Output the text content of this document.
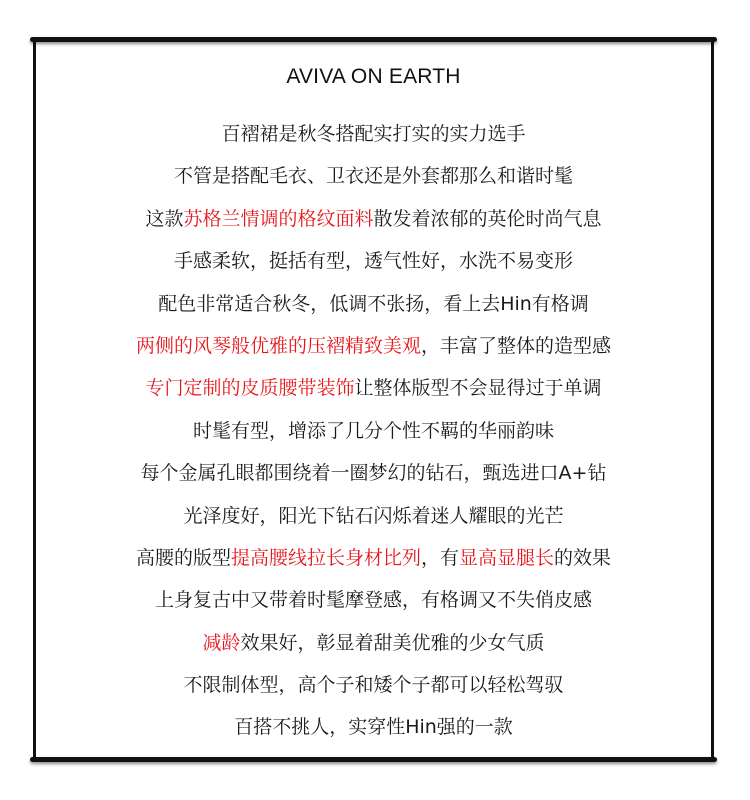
AVIVA ON EARTH
百褶裙是秋冬搭配实打实的实力选手
不管是搭配毛衣、卫衣还是外套都那么和谐时髦
这款苏格兰情调的格纹面料散发着浓郁的英伦时尚气息
手感柔软，挺括有型，透气性好，水洗不易变形
配色非常适合秋冬，低调不张扬，看上去Hin有格调
两侧的风琴般优雅的压褶精致美观，丰富了整体的造型感
专门定制的皮质腰带装饰让整体版型不会显得过于单调
时髦有型，增添了几分个性不羁的华丽韵味
每个金属孔眼都围绕着一圈梦幻的钻石，甄选进口A+钻
光泽度好，阳光下钻石闪烁着迷人耀眼的光芒
高腰的版型提高腰线拉长身材比列，有显高显腿长的效果
上身复古中又带着时髦摩登感，有格调又不失俏皮感
减龄效果好，彰显着甜美优雅的少女气质
不限制体型，高个子和矮个子都可以轻松驾驭
百搭不挑人，实穿性Hin强的一款
